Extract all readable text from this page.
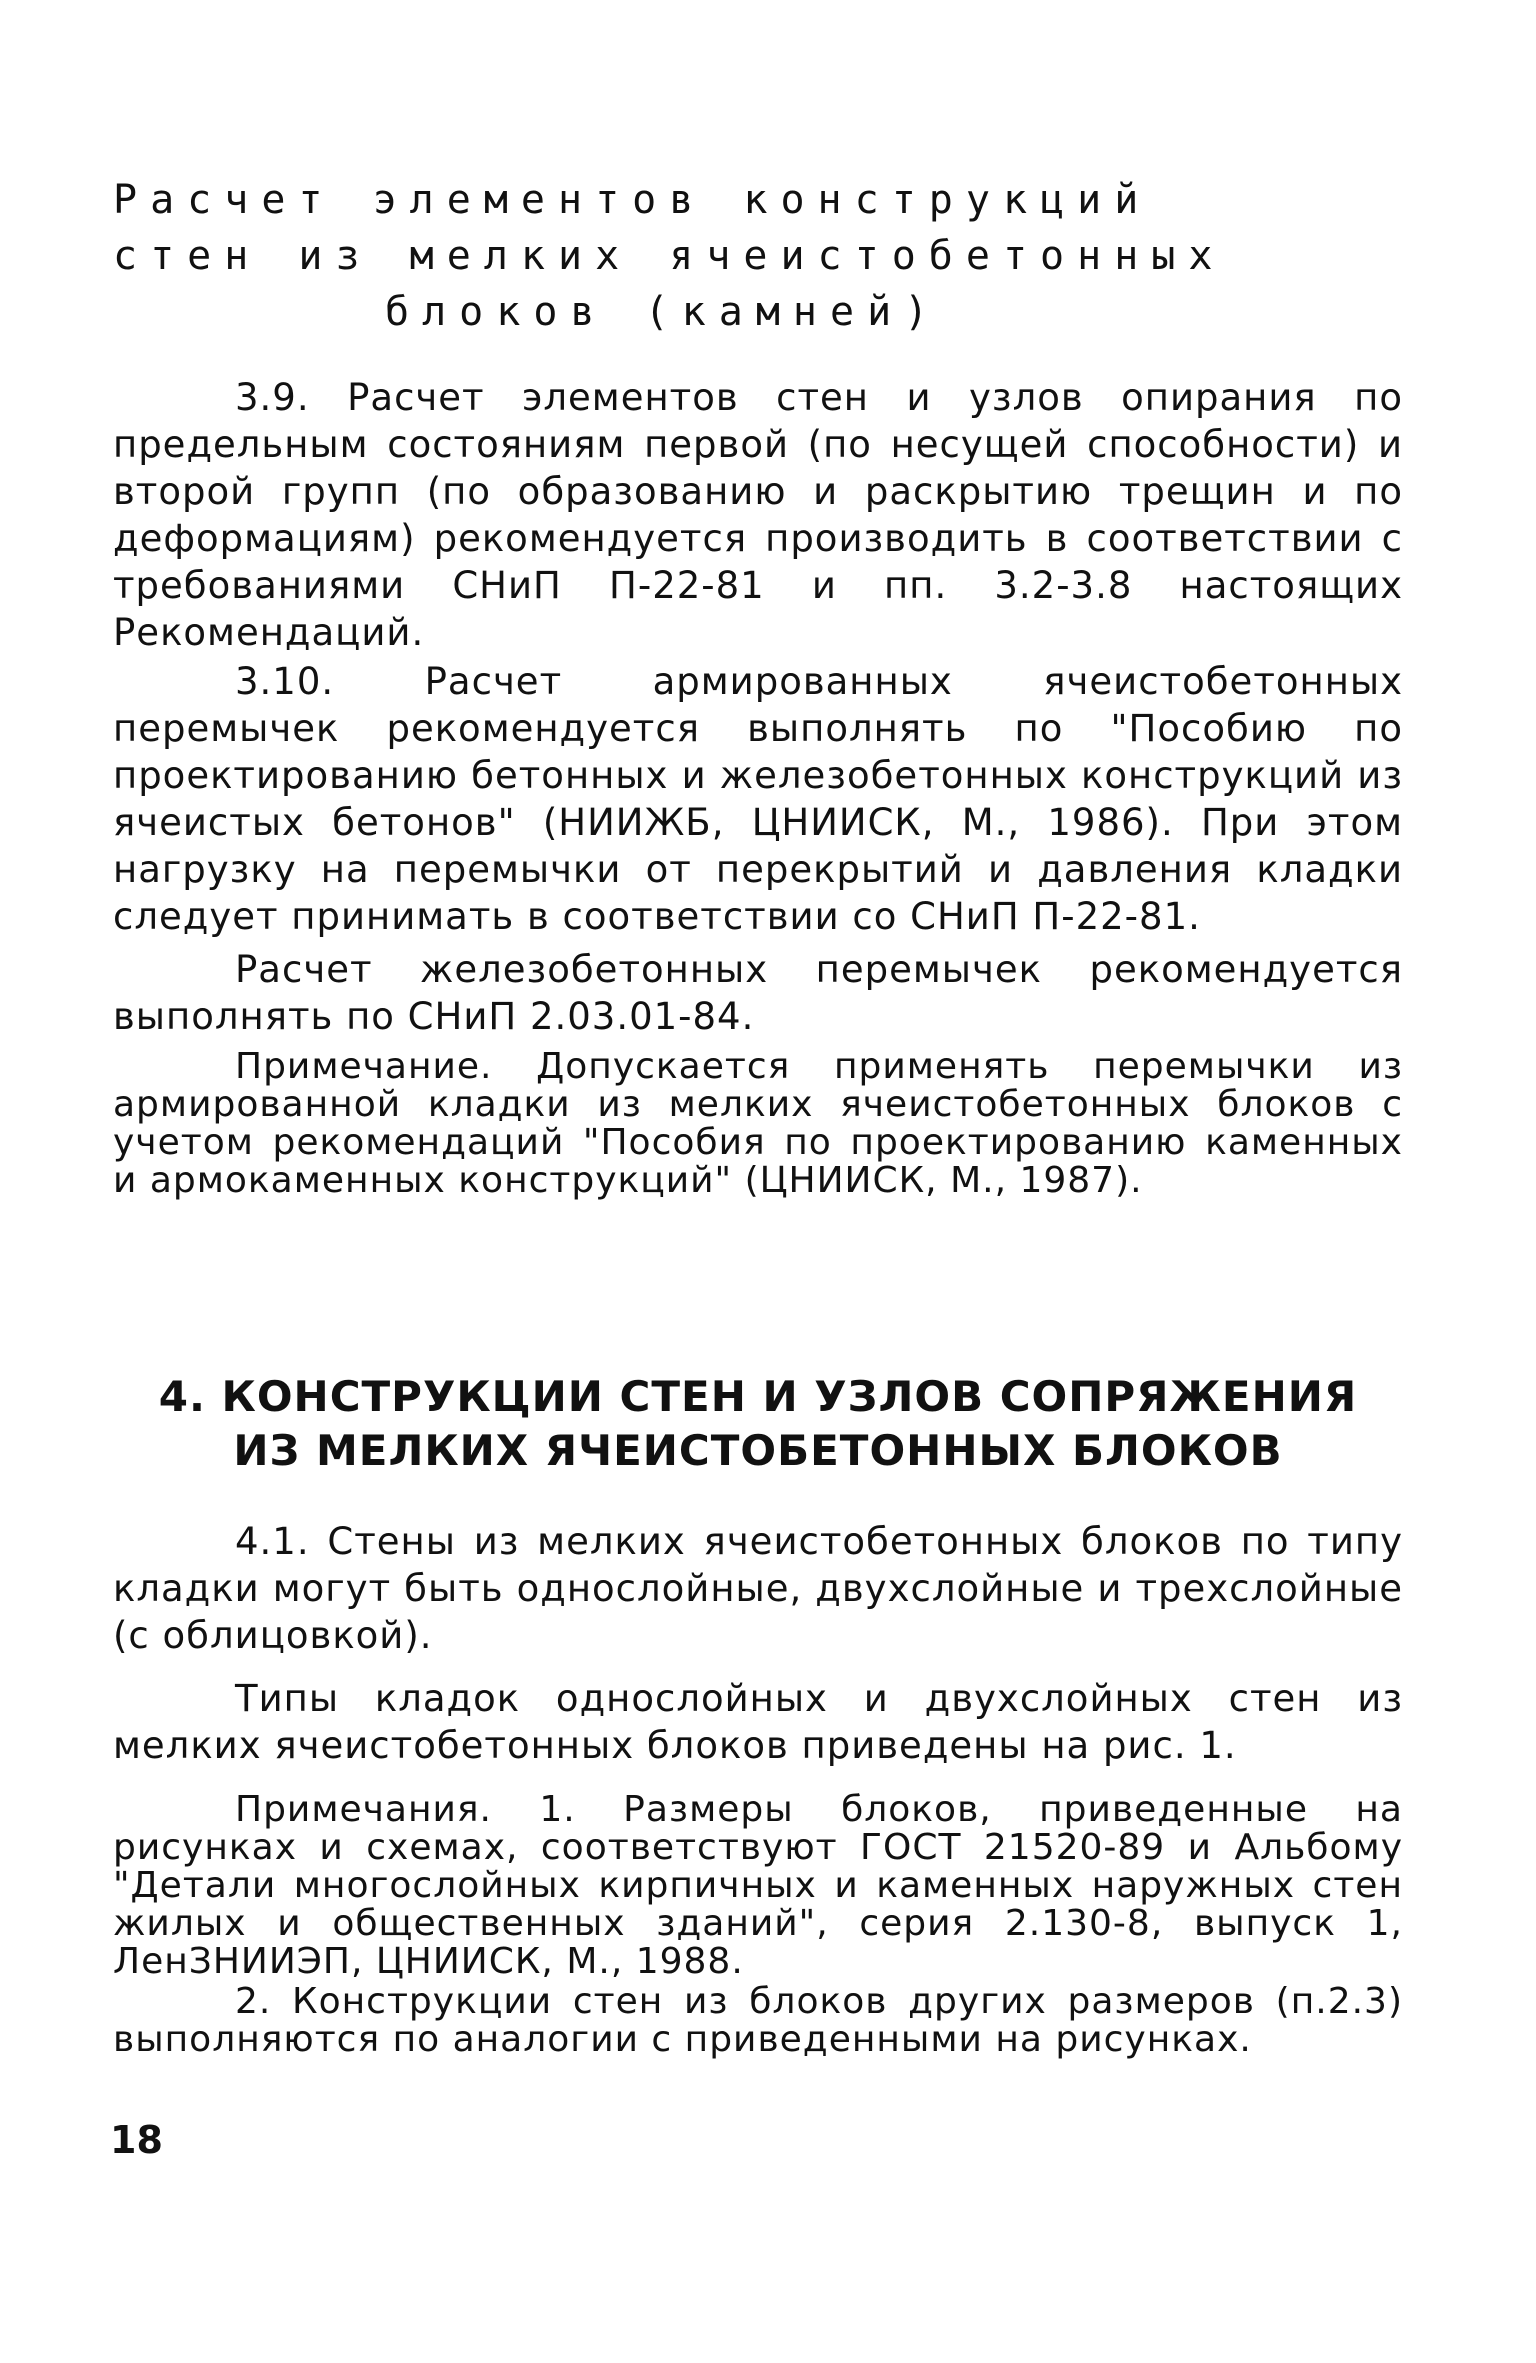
Расчет элементов конструкций

стен из мелких ячеистобетонных

блоков (камней)

3.9. Расчет элементов стен и узлов опирания по предельным состояниям первой (по несущей способности) и второй групп (по образованию и раскрытию трещин и по деформациям) рекомендуется производить в соответствии с требованиями СНиП П-22-81 и пп. 3.2-3.8 настоящих Рекомендаций.

3.10. Расчет армированных ячеистобетонных перемычек рекомендуется выполнять по "Пособию по проектированию бетонных и железобетонных конструкций из ячеистых бетонов" (НИИЖБ, ЦНИИСК, М., 1986). При этом нагрузку на перемычки от перекрытий и давления кладки следует принимать в соответствии со СНиП П-22-81.

Расчет железобетонных перемычек рекомендуется выполнять по СНиП 2.03.01-84.

Примечание. Допускается применять перемычки из армированной кладки из мелких ячеистобетонных блоков с учетом рекомендаций "Пособия по проектированию каменных и армокаменных конструкций" (ЦНИИСК, М., 1987).

4. КОНСТРУКЦИИ СТЕН И УЗЛОВ СОПРЯЖЕНИЯ

ИЗ МЕЛКИХ ЯЧЕИСТОБЕТОННЫХ БЛОКОВ

4.1. Стены из мелких ячеистобетонных блоков по типу кладки могут быть однослойные, двухслойные и трехслойные (с облицовкой).

Типы кладок однослойных и двухслойных стен из мелких ячеистобетонных блоков приведены на рис. 1.

Примечания. 1. Размеры блоков, приведенные на рисунках и схемах, соответствуют ГОСТ 21520-89 и Альбому "Детали многослойных кирпичных и каменных наружных стен жилых и общественных зданий", серия 2.130-8, выпуск 1, ЛенЗНИИЭП, ЦНИИСК, М., 1988.

2. Конструкции стен из блоков других размеров (п.2.3) выполняются по аналогии с приведенными на рисунках.

18
